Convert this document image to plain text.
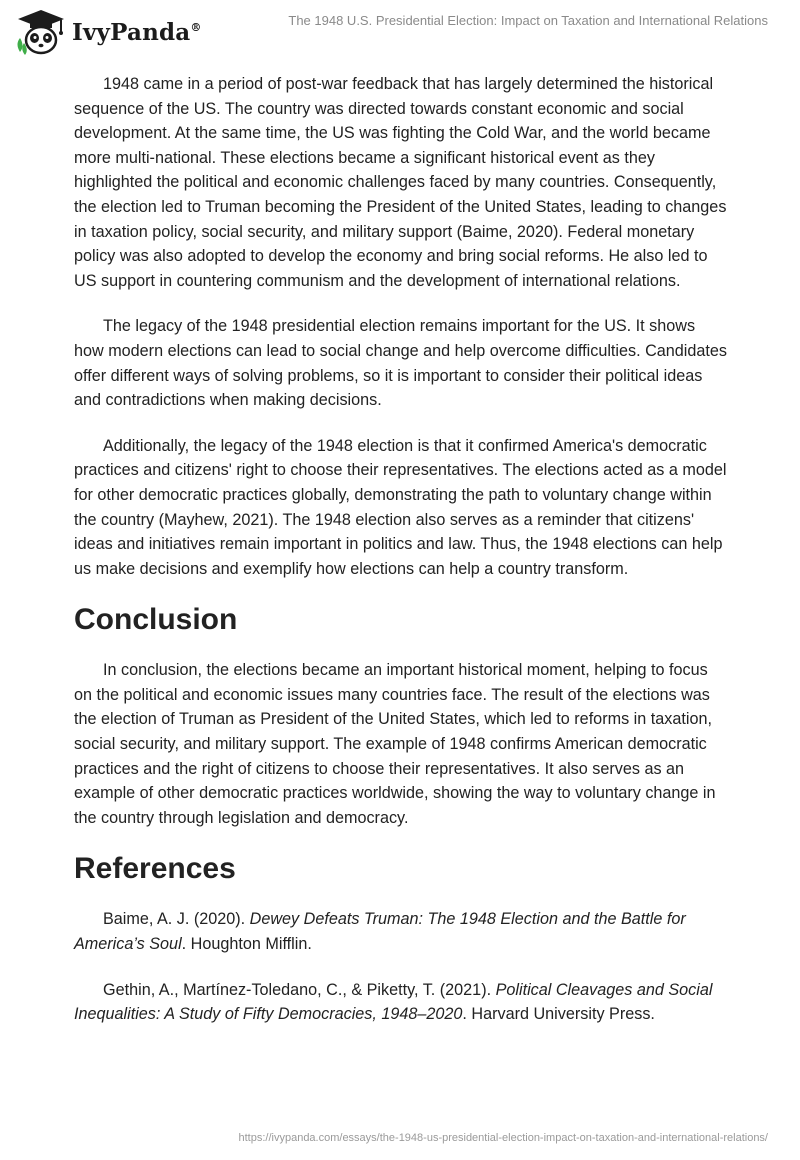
IvyPanda®	The 1948 U.S. Presidential Election: Impact on Taxation and International Relations

1948 came in a period of post-war feedback that has largely determined the historical sequence of the US. The country was directed towards constant economic and social development. At the same time, the US was fighting the Cold War, and the world became more multi-national. These elections became a significant historical event as they highlighted the political and economic challenges faced by many countries. Consequently, the election led to Truman becoming the President of the United States, leading to changes in taxation policy, social security, and military support (Baime, 2020). Federal monetary policy was also adopted to develop the economy and bring social reforms. He also led to US support in countering communism and the development of international relations.

The legacy of the 1948 presidential election remains important for the US. It shows how modern elections can lead to social change and help overcome difficulties. Candidates offer different ways of solving problems, so it is important to consider their political ideas and contradictions when making decisions.

Additionally, the legacy of the 1948 election is that it confirmed America's democratic practices and citizens' right to choose their representatives. The elections acted as a model for other democratic practices globally, demonstrating the path to voluntary change within the country (Mayhew, 2021). The 1948 election also serves as a reminder that citizens' ideas and initiatives remain important in politics and law. Thus, the 1948 elections can help us make decisions and exemplify how elections can help a country transform.

Conclusion

In conclusion, the elections became an important historical moment, helping to focus on the political and economic issues many countries face. The result of the elections was the election of Truman as President of the United States, which led to reforms in taxation, social security, and military support. The example of 1948 confirms American democratic practices and the right of citizens to choose their representatives. It also serves as an example of other democratic practices worldwide, showing the way to voluntary change in the country through legislation and democracy.

References

Baime, A. J. (2020). Dewey Defeats Truman: The 1948 Election and the Battle for America’s Soul. Houghton Mifflin.

Gethin, A., Martínez-Toledano, C., & Piketty, T. (2021). Political Cleavages and Social Inequalities: A Study of Fifty Democracies, 1948–2020. Harvard University Press.

https://ivypanda.com/essays/the-1948-us-presidential-election-impact-on-taxation-and-international-relations/
